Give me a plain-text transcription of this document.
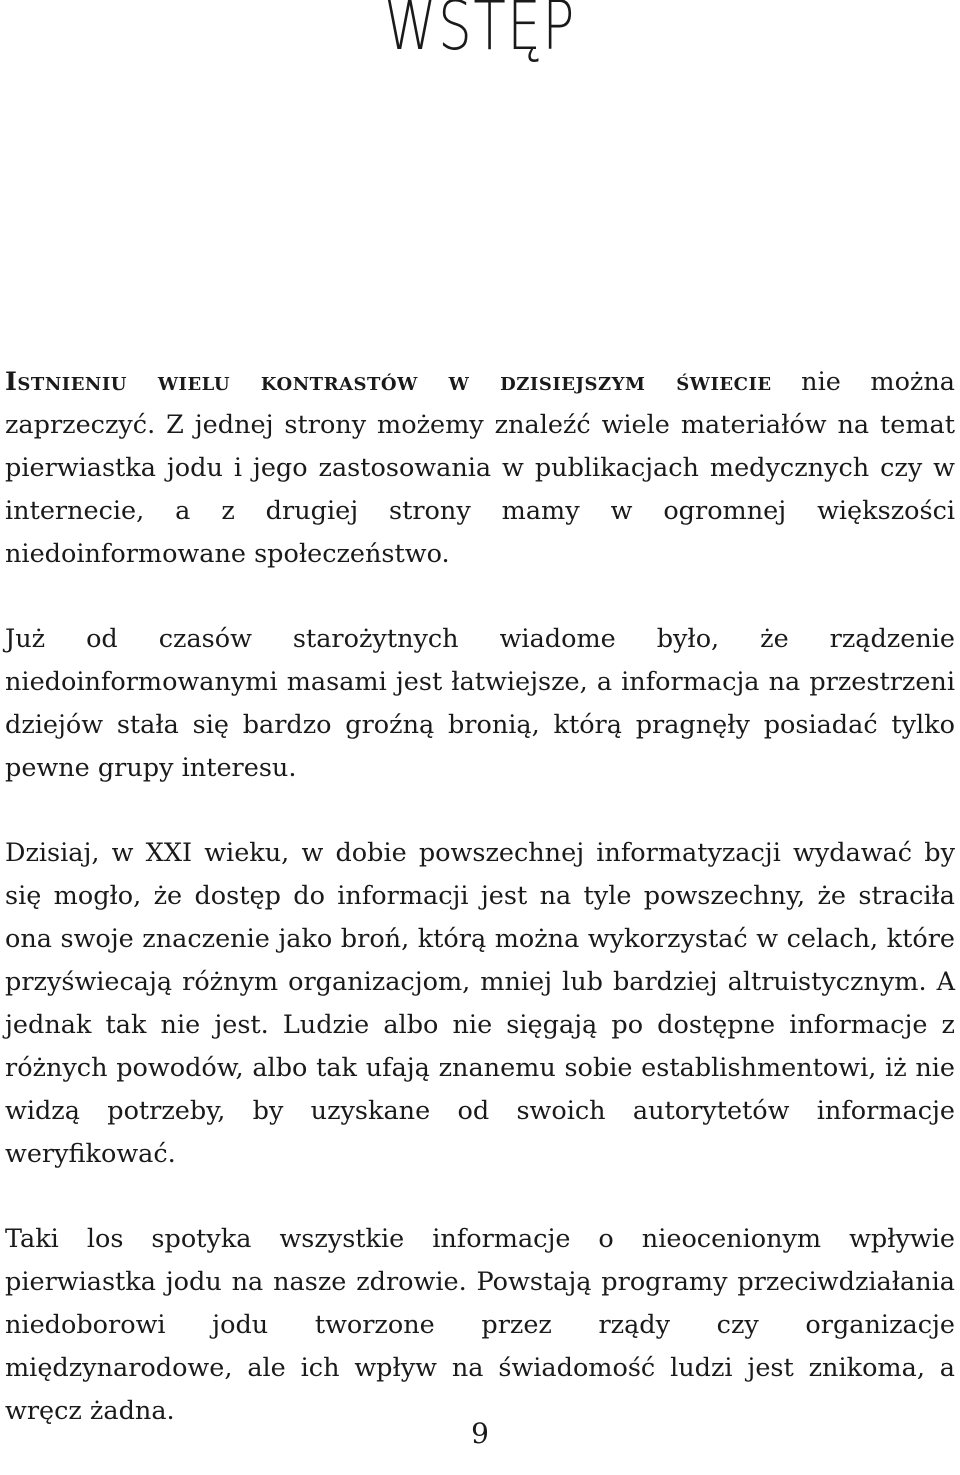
WSTĘP

Istnieniu wielu kontrastów w dzisiejszym świecie nie można zaprzeczyć. Z jednej strony możemy znaleźć wiele materiałów na temat pierwiastka jodu i jego zastosowania w publikacjach medycznych czy w internecie, a z drugiej strony mamy w ogromnej większości niedoinformowane społeczeństwo.

Już od czasów starożytnych wiadome było, że rządzenie niedoinformowanymi masami jest łatwiejsze, a informacja na przestrzeni dziejów stała się bardzo groźną bronią, którą pragnęły posiadać tylko pewne grupy interesu.

Dzisiaj, w XXI wieku, w dobie powszechnej informatyzacji wydawać by się mogło, że dostęp do informacji jest na tyle powszechny, że straciła ona swoje znaczenie jako broń, którą można wykorzystać w celach, które przyświecają różnym organizacjom, mniej lub bardziej altruistycznym. A jednak tak nie jest. Ludzie albo nie sięgają po dostępne informacje z różnych powodów, albo tak ufają znanemu sobie establishmentowi, iż nie widzą potrzeby, by uzyskane od swoich autorytetów informacje weryfikować.

Taki los spotyka wszystkie informacje o nieocenionym wpływie pierwiastka jodu na nasze zdrowie. Powstają programy przeciwdziałania niedoborowi jodu tworzone przez rządy czy organizacje międzynarodowe, ale ich wpływ na świadomość ludzi jest znikoma, a wręcz żadna.

9
